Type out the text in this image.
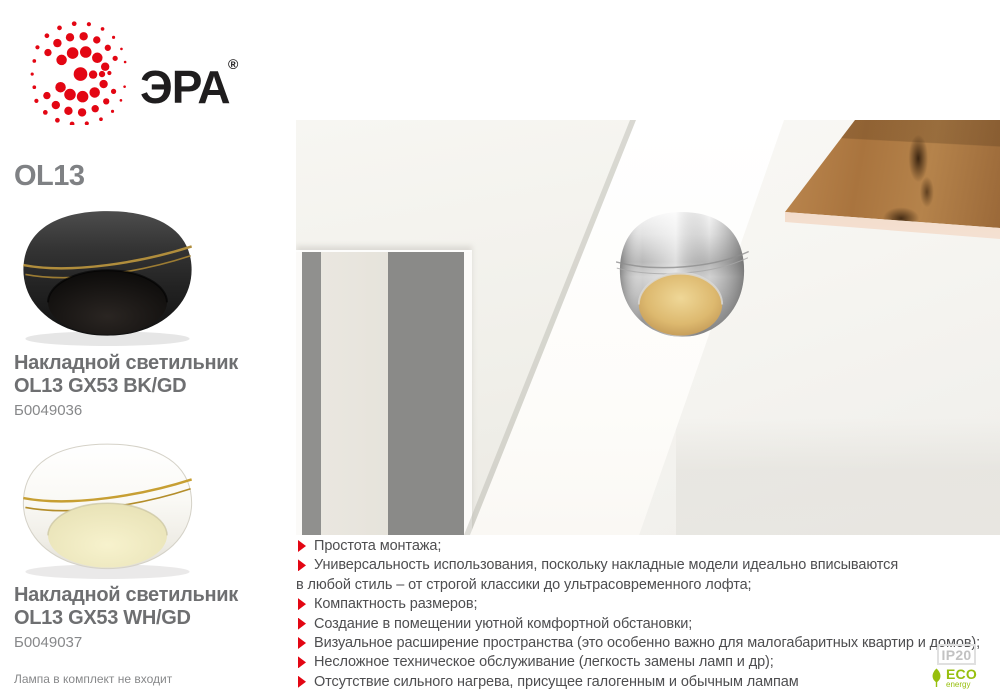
ЭРА
®
OL13
Накладной светильник
OL13 GX53 BK/GD
Б0049036
Накладной светильник
OL13 GX53 WH/GD
Б0049037
Лампа в комплект не входит
Простота монтажа;
Универсальность использования, поскольку накладные модели идеально вписываются
в любой стиль – от строгой классики до ультрасовременного лофта;
Компактность размеров;
Создание в помещении уютной комфортной обстановки;
Визуальное расширение пространства (это особенно важно для малогабаритных квартир и домов);
Несложное техническое обслуживание (легкость замены ламп и др);
Отсутствие сильного нагрева, присущее галогенным и обычным лампам
IP20
ECO
energy
